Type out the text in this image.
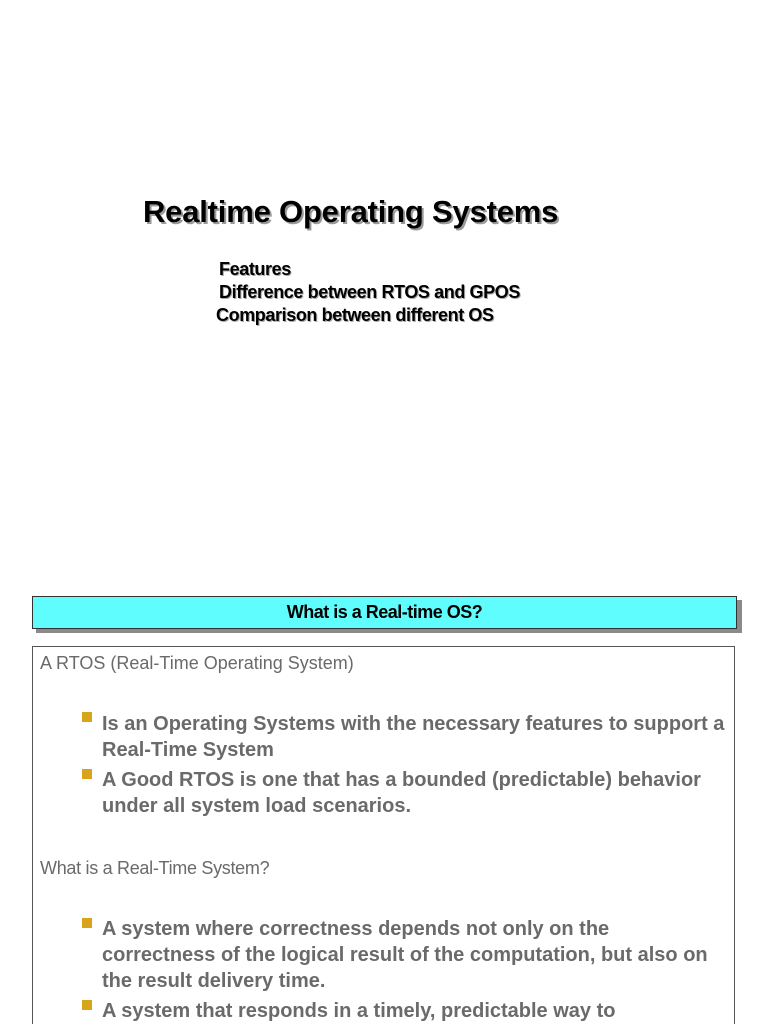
Realtime Operating Systems
Features
Difference between RTOS and GPOS
Comparison between different OS
What is a Real-time OS?
A RTOS (Real-Time Operating System)
Is an Operating Systems with the necessary features to support a Real-Time System
A Good RTOS is one that has a bounded (predictable) behavior under all system load scenarios.
What is a Real-Time System?
A system where correctness depends not only on the correctness of the logical result of the computation, but also on the result delivery time.
A system that responds in a timely, predictable way to
